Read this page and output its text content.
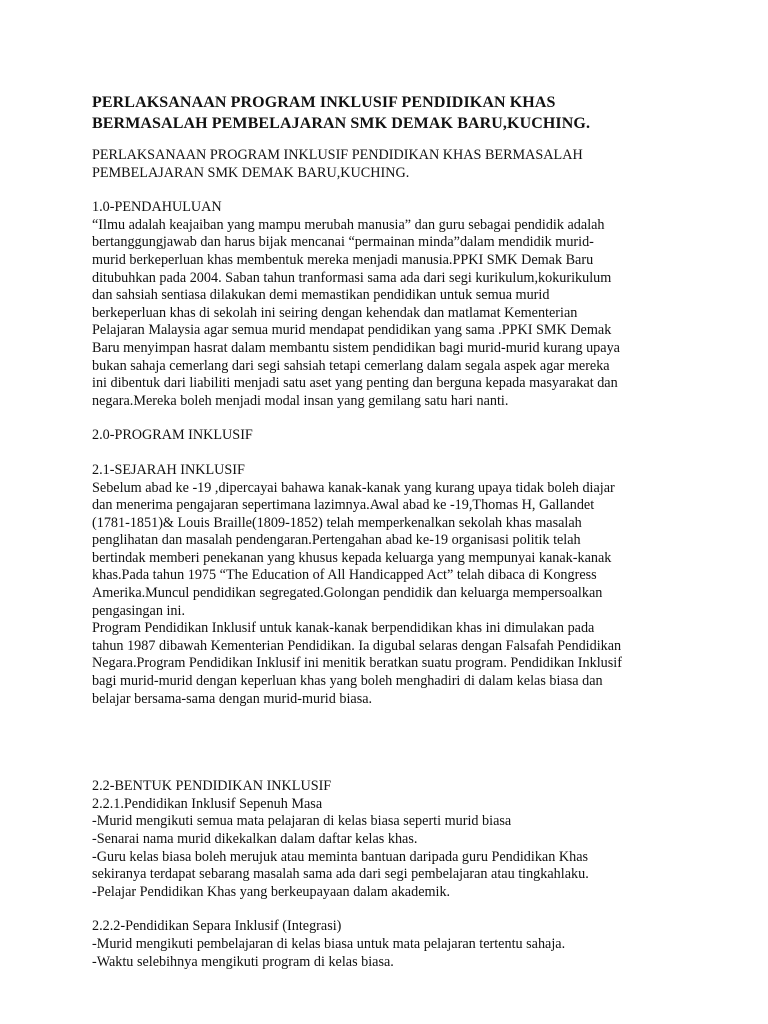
PERLAKSANAAN PROGRAM INKLUSIF PENDIDIKAN KHAS
BERMASALAH PEMBELAJARAN SMK DEMAK BARU,KUCHING.

PERLAKSANAAN PROGRAM INKLUSIF PENDIDIKAN KHAS BERMASALAH
PEMBELAJARAN SMK DEMAK BARU,KUCHING.

1.0-PENDAHULUAN
“Ilmu adalah keajaiban yang mampu merubah manusia” dan guru sebagai pendidik adalah
bertanggungjawab dan harus bijak mencanai “permainan minda”dalam mendidik murid-
murid berkeperluan khas membentuk mereka menjadi manusia.PPKI SMK Demak Baru
ditubuhkan pada 2004. Saban tahun tranformasi sama ada dari segi kurikulum,kokurikulum
dan sahsiah sentiasa dilakukan demi memastikan pendidikan untuk semua murid
berkeperluan khas di sekolah ini seiring dengan kehendak dan matlamat Kementerian
Pelajaran Malaysia agar semua murid mendapat pendidikan yang sama .PPKI SMK Demak
Baru menyimpan hasrat dalam membantu sistem pendidikan bagi murid-murid kurang upaya
bukan sahaja cemerlang dari segi sahsiah tetapi cemerlang dalam segala aspek agar mereka
ini dibentuk dari liabiliti menjadi satu aset yang penting dan berguna kepada masyarakat dan
negara.Mereka boleh menjadi modal insan yang gemilang satu hari nanti.
2.0-PROGRAM INKLUSIF
2.1-SEJARAH INKLUSIF
Sebelum abad ke -19 ,dipercayai bahawa kanak-kanak yang kurang upaya tidak boleh diajar
dan menerima pengajaran sepertimana lazimnya.Awal abad ke -19,Thomas H, Gallandet
(1781-1851)& Louis Braille(1809-1852) telah memperkenalkan sekolah khas masalah
penglihatan dan masalah pendengaran.Pertengahan abad ke-19 organisasi politik telah
bertindak memberi penekanan yang khusus kepada keluarga yang mempunyai kanak-kanak
khas.Pada tahun 1975 “The Education of All Handicapped Act” telah dibaca di Kongress
Amerika.Muncul pendidikan segregated.Golongan pendidik dan keluarga mempersoalkan
pengasingan ini.
Program Pendidikan Inklusif untuk kanak-kanak berpendidikan khas ini dimulakan pada
tahun 1987 dibawah Kementerian Pendidikan. Ia digubal selaras dengan Falsafah Pendidikan
Negara.Program Pendidikan Inklusif ini menitik beratkan suatu program. Pendidikan Inklusif
bagi murid-murid dengan keperluan khas yang boleh menghadiri di dalam kelas biasa dan
belajar bersama-sama dengan murid-murid biasa.
2.2-BENTUK PENDIDIKAN INKLUSIF
2.2.1.Pendidikan Inklusif Sepenuh Masa
-Murid mengikuti semua mata pelajaran di kelas biasa seperti murid biasa
-Senarai nama murid dikekalkan dalam daftar kelas khas.
-Guru kelas biasa boleh merujuk atau meminta bantuan daripada guru Pendidikan Khas
sekiranya terdapat sebarang masalah sama ada dari segi pembelajaran atau tingkahlaku.
-Pelajar Pendidikan Khas yang berkeupayaan dalam akademik.
2.2.2-Pendidikan Separa Inklusif (Integrasi)
-Murid mengikuti pembelajaran di kelas biasa untuk mata pelajaran tertentu sahaja.
-Waktu selebihnya mengikuti program di kelas biasa.
